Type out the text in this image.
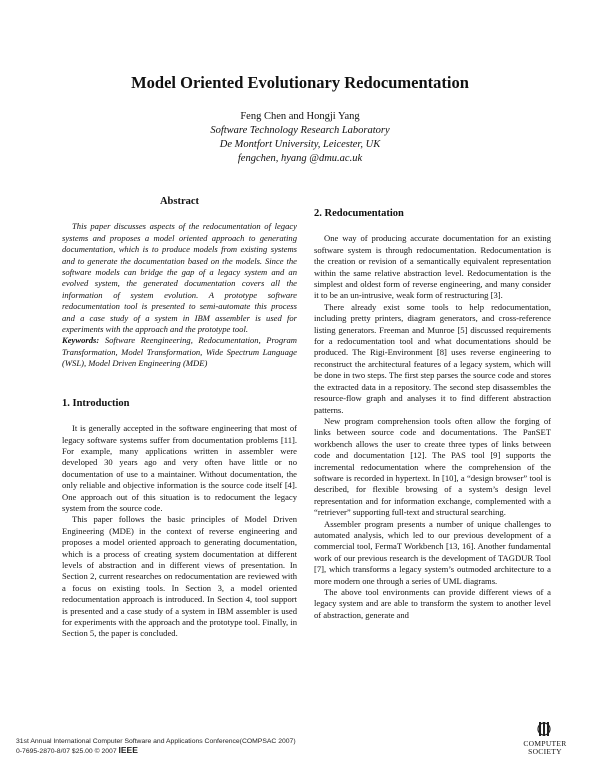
Model Oriented Evolutionary Redocumentation
Feng Chen and Hongji Yang
Software Technology Research Laboratory
De Montfort University, Leicester, UK
fengchen, hyang @dmu.ac.uk
Abstract

This paper discusses aspects of the redocumentation of legacy systems and proposes a model oriented approach to generating documentation, which is to produce models from existing systems and to generate the documentation based on the models. Since the software models can bridge the gap of a legacy system and an evolved system, the generated documentation covers all the information of system evolution. A prototype software redocumentation tool is presented to semi-automate this process and a case study of a system in IBM assembler is used for experiments with the approach and the prototype tool.

Keywords: Software Reengineering, Redocumentation, Program Transformation, Model Transformation, Wide Spectrum Language (WSL), Model Driven Engineering (MDE)

1. Introduction

It is generally accepted in the software engineering that most of legacy software systems suffer from documentation problems [11]. For example, many applications written in assembler were developed 30 years ago and very often have little or no documentation of use to a maintainer. Without documentation, the only reliable and objective information is the source code itself [4]. One approach out of this situation is to redocument the legacy system from the source code.

This paper follows the basic principles of Model Driven Engineering (MDE) in the context of reverse engineering and proposes a model oriented approach to generating documentation, which is a process of creating system documentation at different levels of abstraction and in different views of presentation. In Section 2, current researches on redocumentation are reviewed with a focus on existing tools. In Section 3, a model oriented redocumentation approach is introduced. In Section 4, tool support is presented and a case study of a system in IBM assembler is used for experiments with the approach and the prototype tool. Finally, in Section 5, the paper is concluded.

2. Redocumentation

One way of producing accurate documentation for an existing software system is through redocumentation. Redocumentation is the creation or revision of a semantically equivalent representation within the same relative abstraction level. Redocumentation is the simplest and oldest form of reverse engineering, and many consider it to be an un-intrusive, weak form of restructuring [3].

There already exist some tools to help redocumentation, including pretty printers, diagram generators, and cross-reference listing generators. Freeman and Munroe [5] discussed requirements for a redocumentation tool and what documentations should be produced. The Rigi-Environment [8] uses reverse engineering to reconstruct the architectural features of a legacy system, which will be done in two steps. The first step parses the source code and stores the extracted data in a repository. The second step disassembles the resource-flow graph and analyses it to find different abstraction patterns.

New program comprehension tools often allow the forging of links between source code and documentations. The PanSET workbench allows the user to create three types of links between code and documentation [12]. The PAS tool [9] supports the incremental redocumentation where the comprehension of the software is recorded in hypertext. In [10], a “design browser” tool is described, for flexible browsing of a system’s design level representation and for information exchange, complemented with a “retriever” supporting full-text and structural searching.

Assembler program presents a number of unique challenges to automated analysis, which led to our previous development of a commercial tool, FermaT Workbench [13, 16]. Another fundamental work of our previous research is the development of TAGDUR Tool [7], which transforms a legacy system’s outmoded architecture to a more modern one through a series of UML diagrams.

The above tool environments can provide different views of a legacy system and are able to transform the system to another level of abstraction, generate and

31st Annual International Computer Software and Applications Conference(COMPSAC 2007)
0-7695-2870-8/07 $25.00 © 2007 IEEE
COMPUTER
SOCIETY
